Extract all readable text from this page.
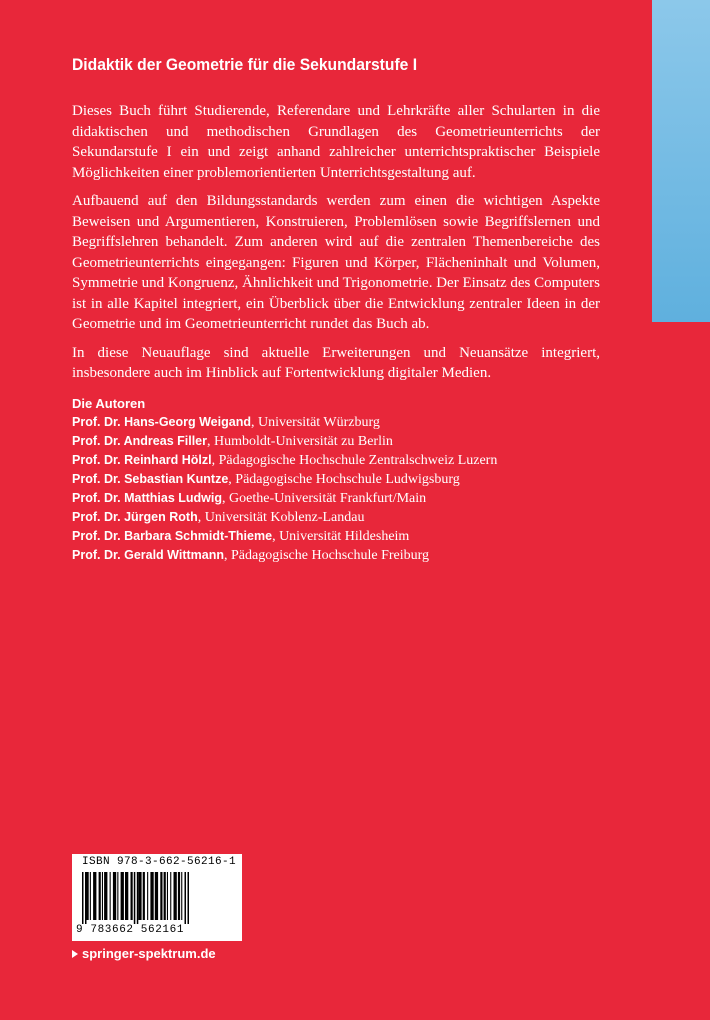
Didaktik der Geometrie für die Sekundarstufe I

Dieses Buch führt Studierende, Referendare und Lehrkräfte aller Schularten in die didaktischen und methodischen Grundlagen des Geometrieunterrichts der Sekundarstufe I ein und zeigt anhand zahlreicher unterrichtspraktischer Beispiele Möglichkeiten einer problemorientierten Unterrichtsgestaltung auf.

Aufbauend auf den Bildungsstandards werden zum einen die wichtigen Aspekte Beweisen und Argumentieren, Konstruieren, Problemlösen sowie Begriffslernen und Begriffslehren behandelt. Zum anderen wird auf die zentralen Themenbereiche des Geometrieunterrichts eingegangen: Figuren und Körper, Flächeninhalt und Volumen, Symmetrie und Kongruenz, Ähnlichkeit und Trigonometrie. Der Einsatz des Computers ist in alle Kapitel integriert, ein Überblick über die Entwicklung zentraler Ideen in der Geometrie und im Geometrieunterricht rundet das Buch ab.

In diese Neuauflage sind aktuelle Erweiterungen und Neuansätze integriert, insbesondere auch im Hinblick auf Fortentwicklung digitaler Medien.

Die Autoren
Prof. Dr. Hans-Georg Weigand, Universität Würzburg
Prof. Dr. Andreas Filler, Humboldt-Universität zu Berlin
Prof. Dr. Reinhard Hölzl, Pädagogische Hochschule Zentralschweiz Luzern
Prof. Dr. Sebastian Kuntze, Pädagogische Hochschule Ludwigsburg
Prof. Dr. Matthias Ludwig, Goethe-Universität Frankfurt/Main
Prof. Dr. Jürgen Roth, Universität Koblenz-Landau
Prof. Dr. Barbara Schmidt-Thieme, Universität Hildesheim
Prof. Dr. Gerald Wittmann, Pädagogische Hochschule Freiburg
ISBN 978-3-662-56216-1
9 783662 562161
springer-spektrum.de
